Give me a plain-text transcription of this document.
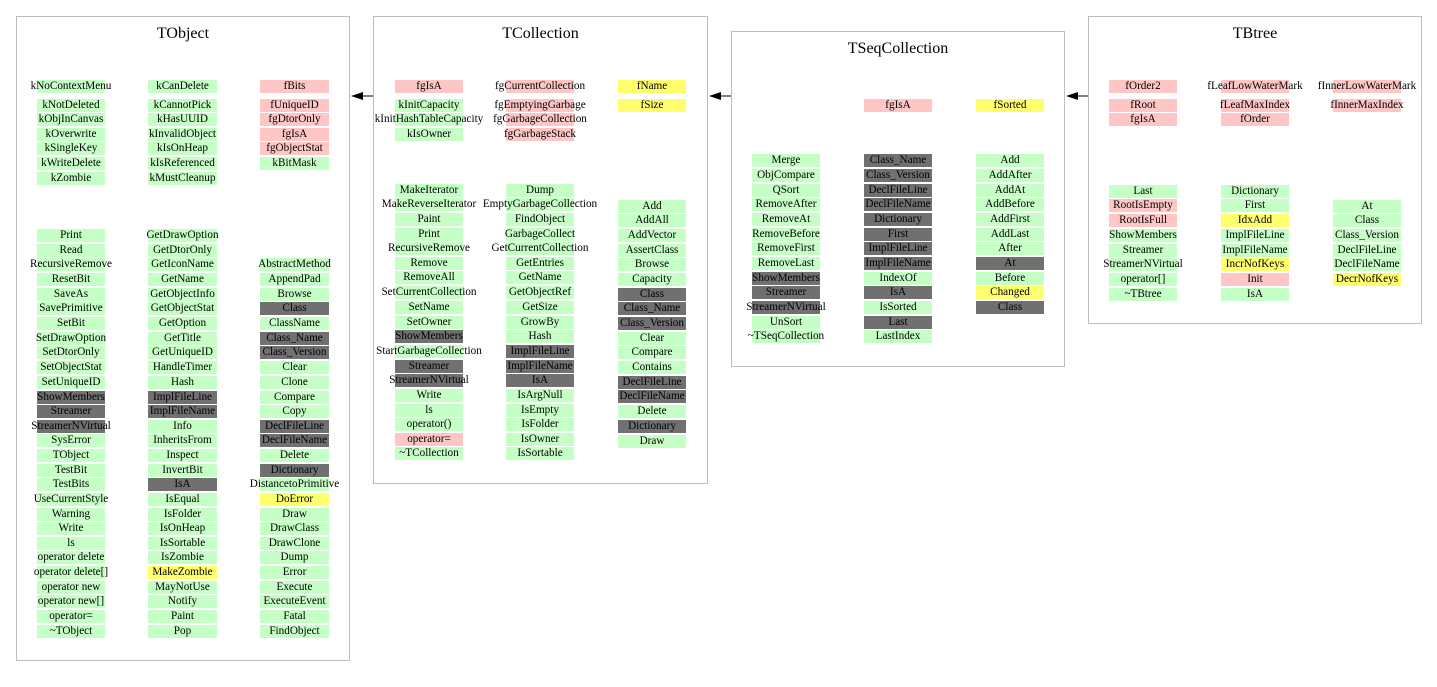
TObject
kNoContextMenu
kNotDeleted
kObjInCanvas
kOverwrite
kSingleKey
kWriteDelete
kZombie
Print
Read
RecursiveRemove
ResetBit
SaveAs
SavePrimitive
SetBit
SetDrawOption
SetDtorOnly
SetObjectStat
SetUniqueID
ShowMembers
Streamer
StreamerNVirtual
SysError
TObject
TestBit
TestBits
UseCurrentStyle
Warning
Write
ls
operator delete
operator delete[]
operator new
operator new[]
operator=
~TObject
kCanDelete
kCannotPick
kHasUUID
kInvalidObject
kIsOnHeap
kIsReferenced
kMustCleanup
GetDrawOption
GetDtorOnly
GetIconName
GetName
GetObjectInfo
GetObjectStat
GetOption
GetTitle
GetUniqueID
HandleTimer
Hash
ImplFileLine
ImplFileName
Info
InheritsFrom
Inspect
InvertBit
IsA
IsEqual
IsFolder
IsOnHeap
IsSortable
IsZombie
MakeZombie
MayNotUse
Notify
Paint
Pop
fBits
fUniqueID
fgDtorOnly
fgIsA
fgObjectStat
kBitMask
AbstractMethod
AppendPad
Browse
Class
ClassName
Class_Name
Class_Version
Clear
Clone
Compare
Copy
DeclFileLine
DeclFileName
Delete
Dictionary
DistancetoPrimitive
DoError
Draw
DrawClass
DrawClone
Dump
Error
Execute
ExecuteEvent
Fatal
FindObject
TCollection
fgIsA
kInitCapacity
kInitHashTableCapacity
kIsOwner
MakeIterator
MakeReverseIterator
Paint
Print
RecursiveRemove
Remove
RemoveAll
SetCurrentCollection
SetName
SetOwner
ShowMembers
StartGarbageCollection
Streamer
StreamerNVirtual
Write
ls
operator()
operator=
~TCollection
fgCurrentCollection
fgEmptyingGarbage
fgGarbageCollection
fgGarbageStack
Dump
EmptyGarbageCollection
FindObject
GarbageCollect
GetCurrentCollection
GetEntries
GetName
GetObjectRef
GetSize
GrowBy
Hash
ImplFileLine
ImplFileName
IsA
IsArgNull
IsEmpty
IsFolder
IsOwner
IsSortable
fName
fSize
Add
AddAll
AddVector
AssertClass
Browse
Capacity
Class
Class_Name
Class_Version
Clear
Compare
Contains
DeclFileLine
DeclFileName
Delete
Dictionary
Draw
TSeqCollection
Merge
ObjCompare
QSort
RemoveAfter
RemoveAt
RemoveBefore
RemoveFirst
RemoveLast
ShowMembers
Streamer
StreamerNVirtual
UnSort
~TSeqCollection
fgIsA
Class_Name
Class_Version
DeclFileLine
DeclFileName
Dictionary
First
ImplFileLine
ImplFileName
IndexOf
IsA
IsSorted
Last
LastIndex
fSorted
Add
AddAfter
AddAt
AddBefore
AddFirst
AddLast
After
At
Before
Changed
Class
TBtree
fOrder2
fRoot
fgIsA
Last
RootIsEmpty
RootIsFull
ShowMembers
Streamer
StreamerNVirtual
operator[]
~TBtree
fLeafLowWaterMark
fLeafMaxIndex
fOrder
Dictionary
First
IdxAdd
ImplFileLine
ImplFileName
IncrNofKeys
Init
IsA
fInnerLowWaterMark
fInnerMaxIndex
At
Class
Class_Version
DeclFileLine
DeclFileName
DecrNofKeys
